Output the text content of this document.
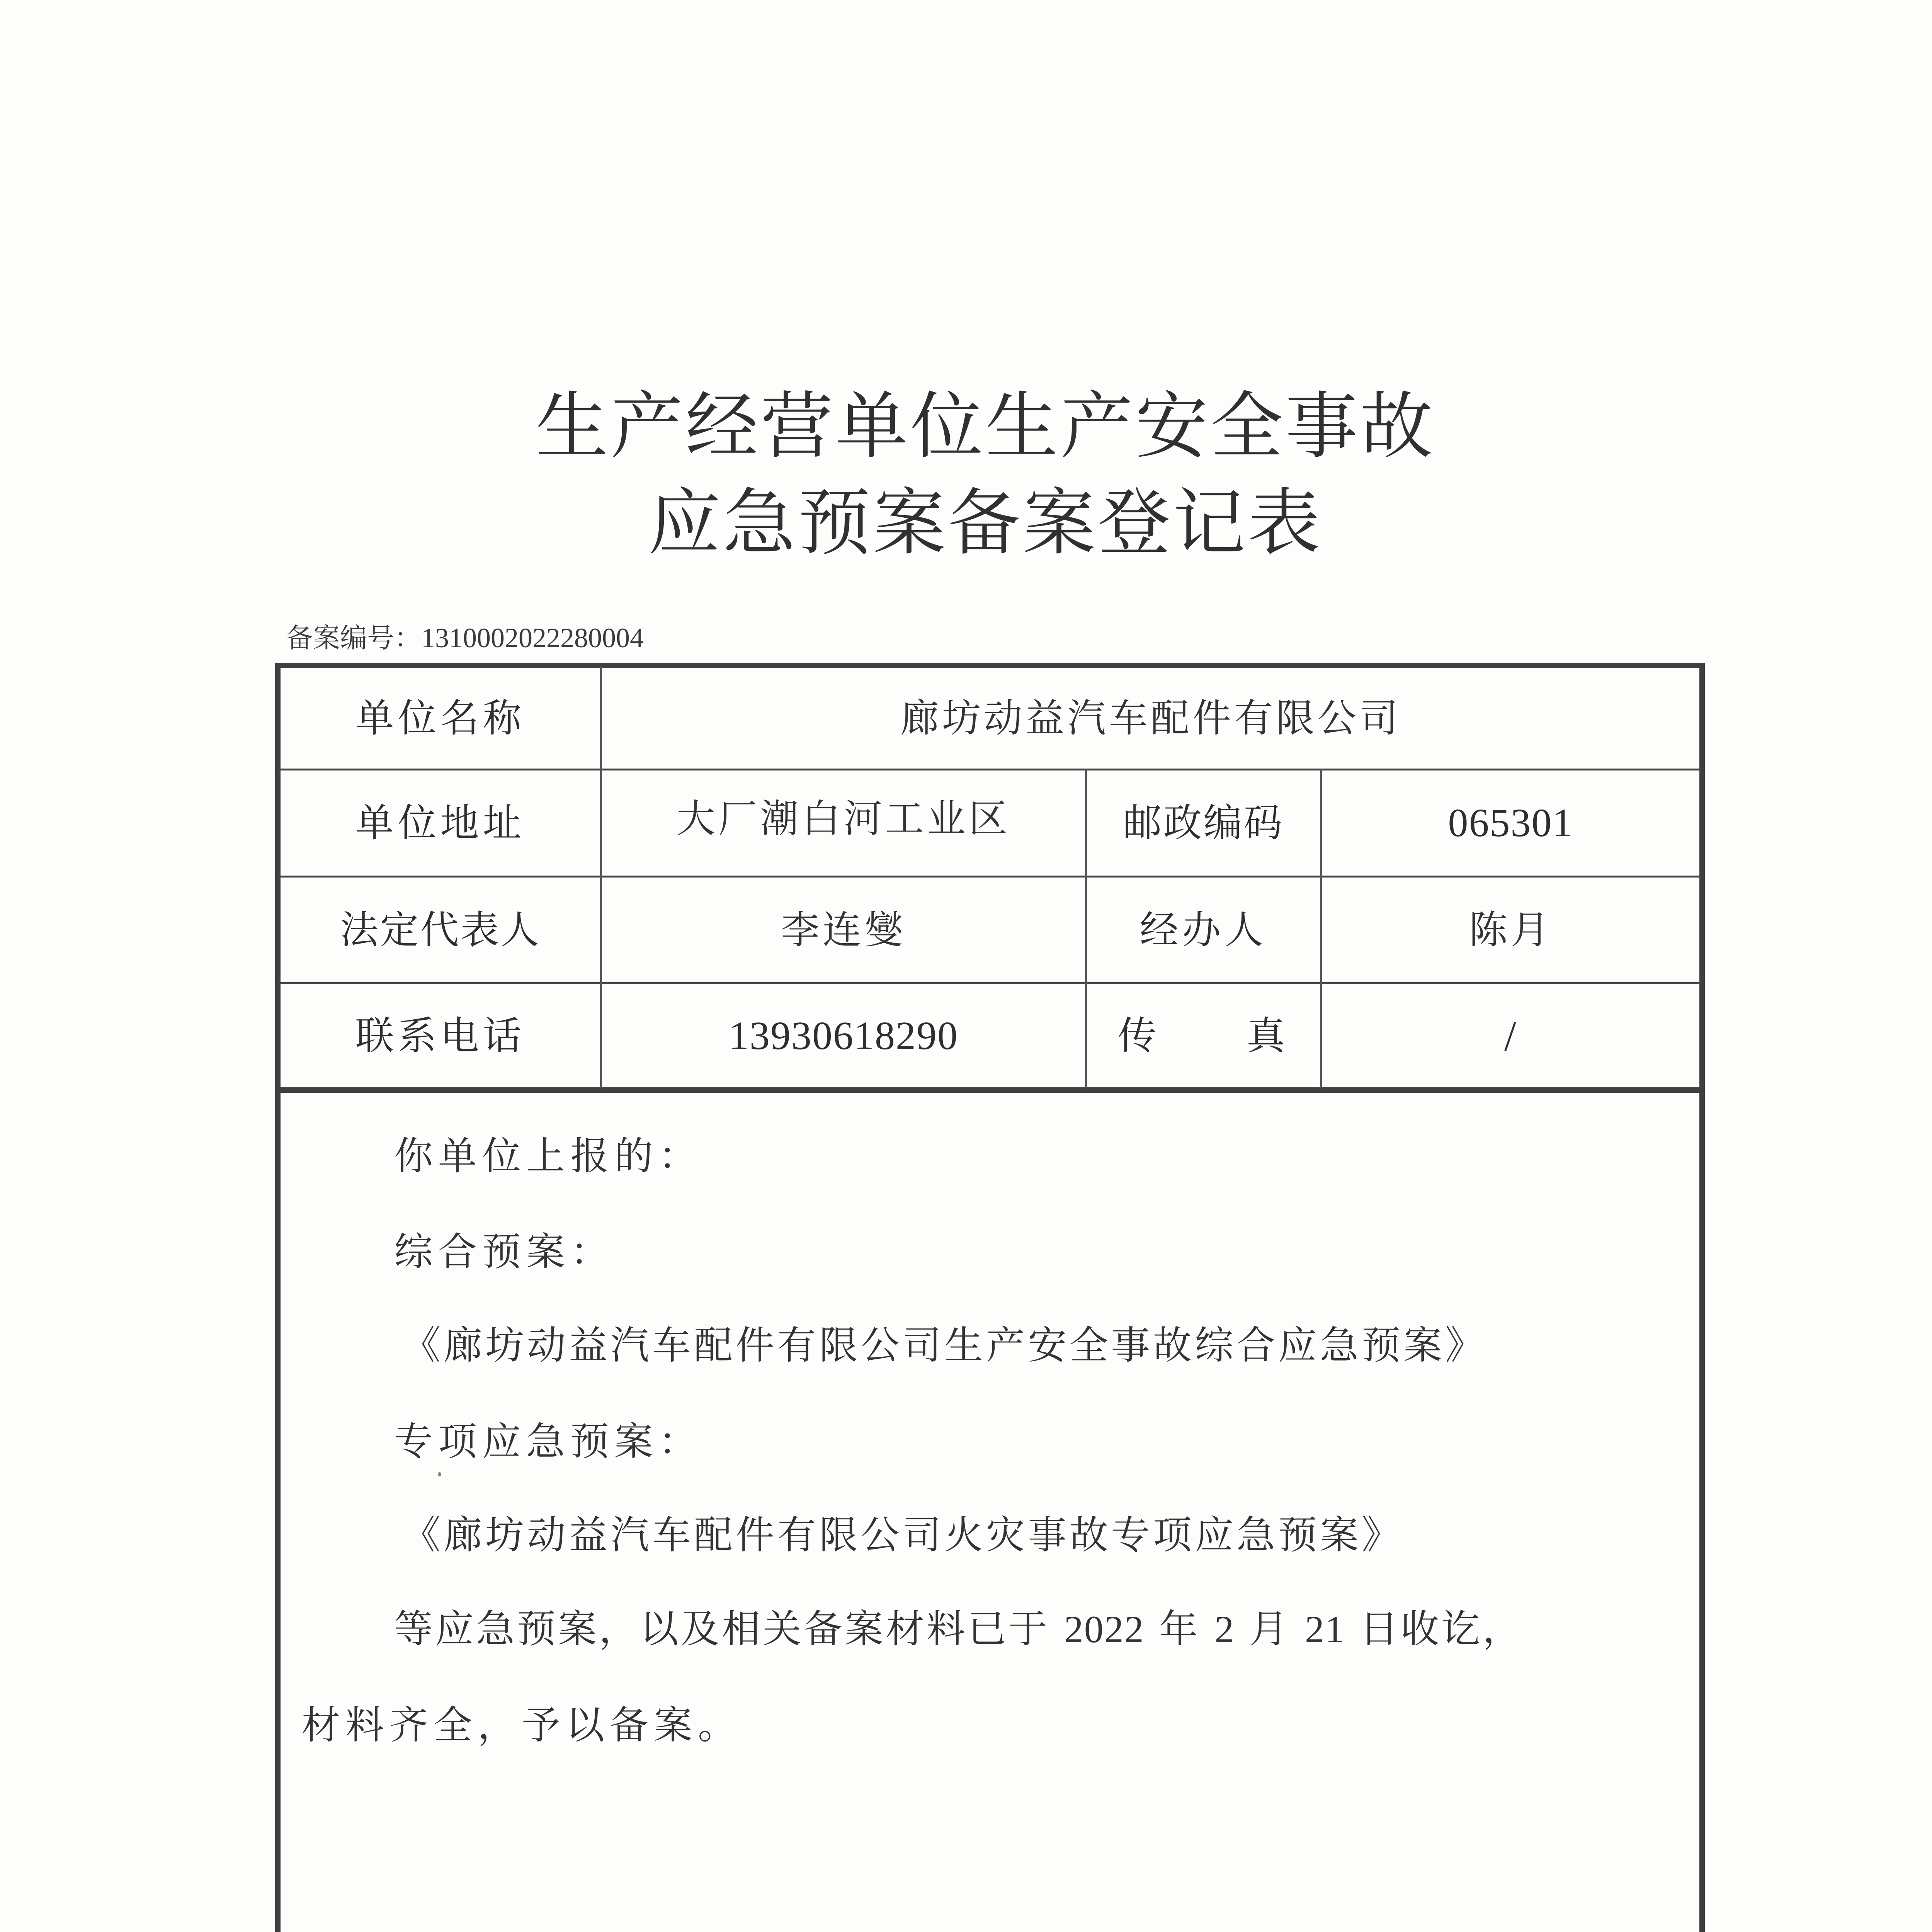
生产经营单位生产安全事故
应急预案备案登记表
备案编号：1310002022280004
单位名称	廊坊动益汽车配件有限公司
单位地址	大厂潮白河工业区	邮政编码	065301
法定代表人	李连燮	经办人	陈月
联系电话	13930618290	传 真	/
你单位上报的：
综合预案：
《廊坊动益汽车配件有限公司生产安全事故综合应急预案》
专项应急预案：
《廊坊动益汽车配件有限公司火灾事故专项应急预案》
等应急预案，以及相关备案材料已于 2022 年 2 月 21 日收讫，
材料齐全，予以备案。
